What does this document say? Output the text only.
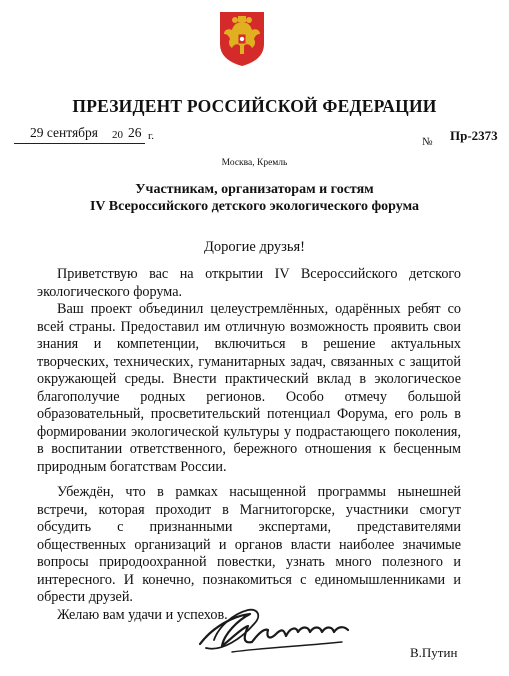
ПРЕЗИДЕНТ РОССИЙСКОЙ ФЕДЕРАЦИИ
29 сентября 20 26 г.	№ Пр-2373
Москва, Кремль
Участникам, организаторам и гостям
IV Всероссийского детского экологического форума
Дорогие друзья!

Приветствую вас на открытии IV Всероссийского детского экологического форума.

Ваш проект объединил целеустремлённых, одарённых ребят со всей страны. Предоставил им отличную возможность проявить свои знания и компетенции, включиться в решение актуальных творческих, технических, гуманитарных задач, связанных с защитой окружающей среды. Внести практический вклад в экологическое благополучие родных регионов. Особо отмечу большой образовательный, просветительский потенциал Форума, его роль в формировании экологической культуры у подрастающего поколения, в воспитании ответственного, бережного отношения к бесценным природным богатствам России.

Убеждён, что в рамках насыщенной программы нынешней встречи, которая проходит в Магнитогорске, участники смогут обсудить с признанными экспертами, представителями общественных организаций и органов власти наиболее значимые вопросы природоохранной повестки, узнать много полезного и интересного. И конечно, познакомиться с единомышленниками и обрести друзей.

Желаю вам удачи и успехов.

В.Путин
